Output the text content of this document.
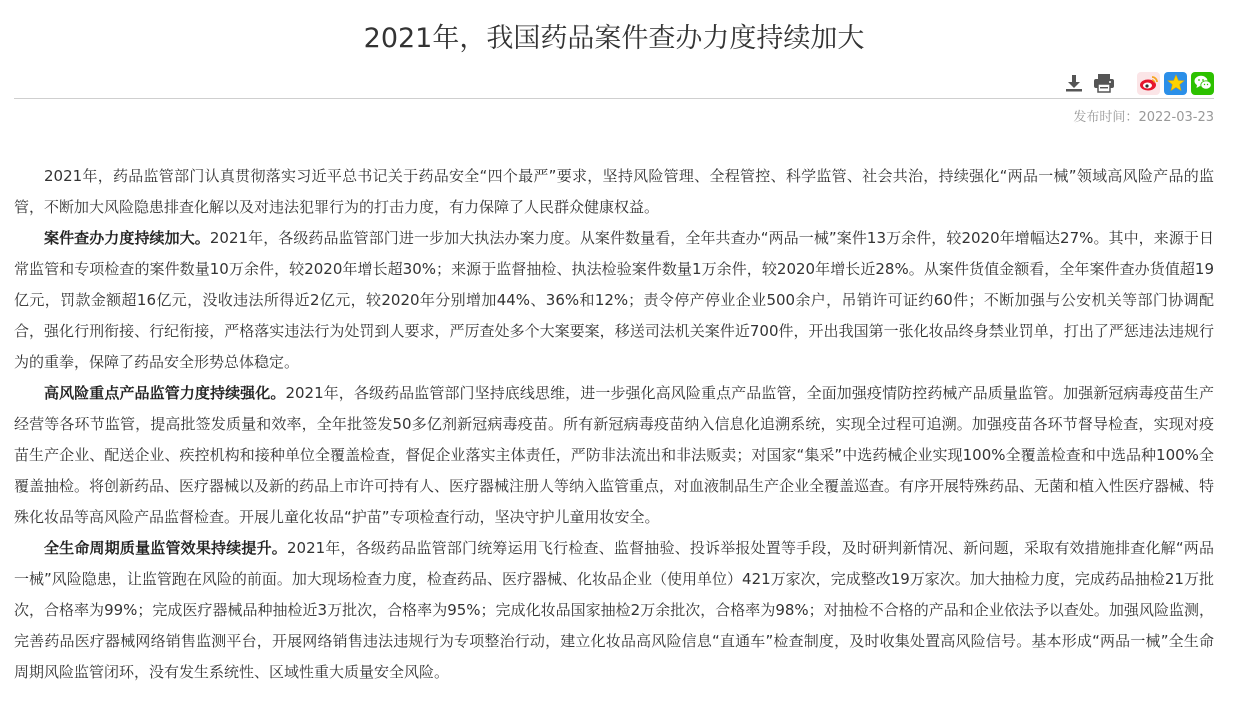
2021年，我国药品案件查办力度持续加大
发布时间：2022-03-23

2021年，药品监管部门认真贯彻落实习近平总书记关于药品安全“四个最严”要求，坚持风险管理、全程管控、科学监管、社会共治，持续强化“两品一械”领域高风险产品的监管，不断加大风险隐患排查化解以及对违法犯罪行为的打击力度，有力保障了人民群众健康权益。

案件查办力度持续加大。2021年，各级药品监管部门进一步加大执法办案力度。从案件数量看，全年共查办“两品一械”案件13万余件，较2020年增幅达27%。其中，来源于日常监管和专项检查的案件数量10万余件，较2020年增长超30%；来源于监督抽检、执法检验案件数量1万余件，较2020年增长近28%。从案件货值金额看，全年案件查办货值超19亿元，罚款金额超16亿元，没收违法所得近2亿元，较2020年分别增加44%、36%和12%；责令停产停业企业500余户，吊销许可证约60件；不断加强与公安机关等部门协调配合，强化行刑衔接、行纪衔接，严格落实违法行为处罚到人要求，严厉查处多个大案要案，移送司法机关案件近700件，开出我国第一张化妆品终身禁业罚单，打出了严惩违法违规行为的重拳，保障了药品安全形势总体稳定。

高风险重点产品监管力度持续强化。2021年，各级药品监管部门坚持底线思维，进一步强化高风险重点产品监管，全面加强疫情防控药械产品质量监管。加强新冠病毒疫苗生产经营等各环节监管，提高批签发质量和效率，全年批签发50多亿剂新冠病毒疫苗。所有新冠病毒疫苗纳入信息化追溯系统，实现全过程可追溯。加强疫苗各环节督导检查，实现对疫苗生产企业、配送企业、疾控机构和接种单位全覆盖检查，督促企业落实主体责任，严防非法流出和非法贩卖；对国家“集采”中选药械企业实现100%全覆盖检查和中选品种100%全覆盖抽检。将创新药品、医疗器械以及新的药品上市许可持有人、医疗器械注册人等纳入监管重点，对血液制品生产企业全覆盖巡查。有序开展特殊药品、无菌和植入性医疗器械、特殊化妆品等高风险产品监督检查。开展儿童化妆品“护苗”专项检查行动，坚决守护儿童用妆安全。

全生命周期质量监管效果持续提升。2021年，各级药品监管部门统筹运用飞行检查、监督抽验、投诉举报处置等手段，及时研判新情况、新问题，采取有效措施排查化解“两品一械”风险隐患，让监管跑在风险的前面。加大现场检查力度，检查药品、医疗器械、化妆品企业（使用单位）421万家次，完成整改19万家次。加大抽检力度，完成药品抽检21万批次，合格率为99%；完成医疗器械品种抽检近3万批次，合格率为95%；完成化妆品国家抽检2万余批次，合格率为98%；对抽检不合格的产品和企业依法予以查处。加强风险监测，完善药品医疗器械网络销售监测平台，开展网络销售违法违规行为专项整治行动，建立化妆品高风险信息“直通车”检查制度，及时收集处置高风险信号。基本形成“两品一械”全生命周期风险监管闭环，没有发生系统性、区域性重大质量安全风险。
